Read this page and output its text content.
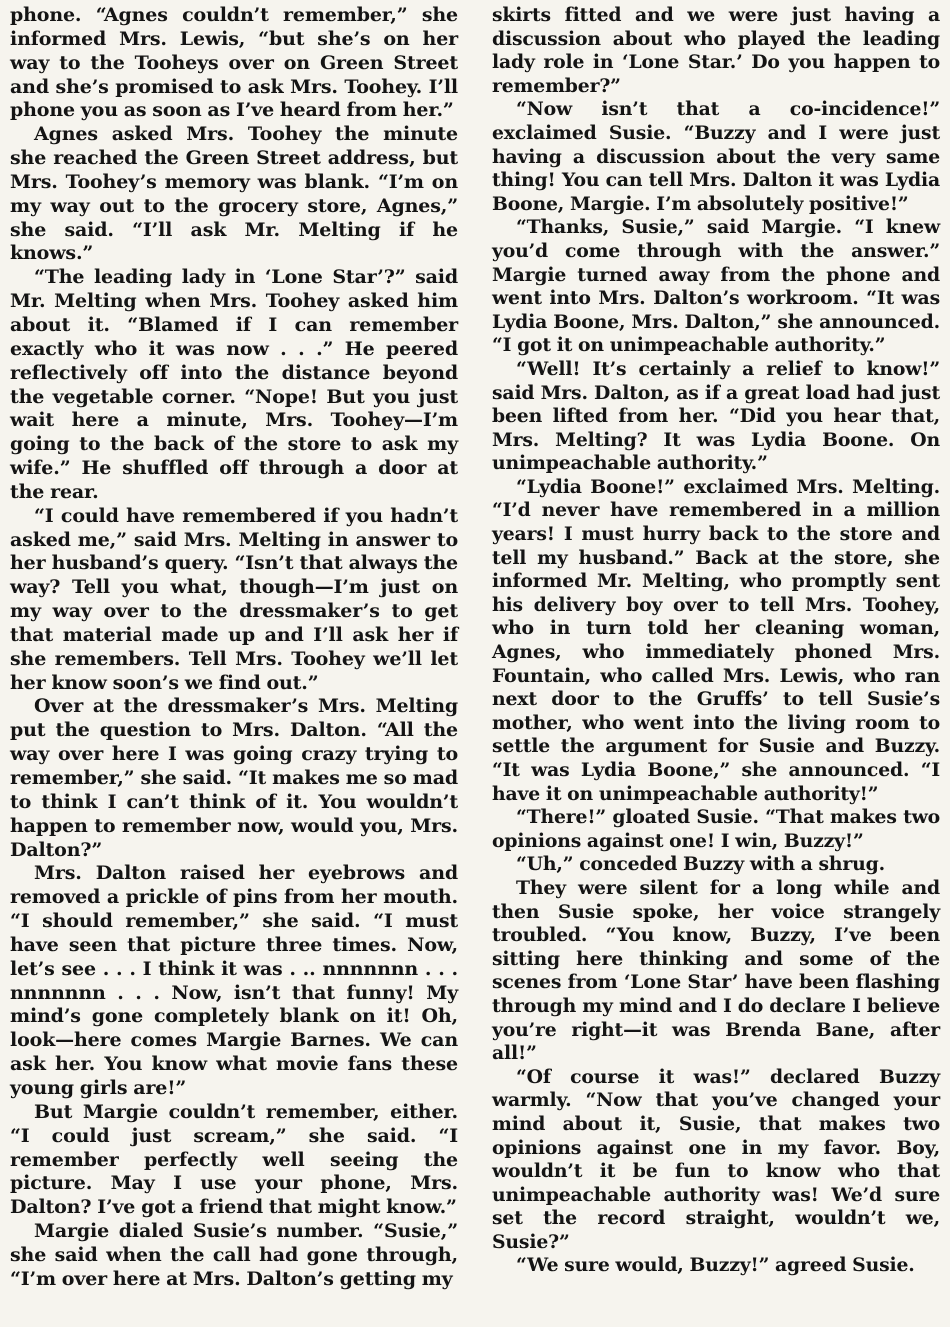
phone. “Agnes couldn’t remember,” she informed Mrs. Lewis, “but she’s on her way to the Tooheys over on Green Street and she’s promised to ask Mrs. Toohey. I’ll phone you as soon as I’ve heard from her.”

Agnes asked Mrs. Toohey the minute she reached the Green Street address, but Mrs. Toohey’s memory was blank. “I’m on my way out to the grocery store, Agnes,” she said. “I’ll ask Mr. Melting if he knows.”

“The leading lady in ‘Lone Star’?” said Mr. Melting when Mrs. Toohey asked him about it. “Blamed if I can remember exactly who it was now . . .” He peered reflectively off into the distance beyond the vegetable corner. “Nope! But you just wait here a minute, Mrs. Toohey—I’m going to the back of the store to ask my wife.” He shuffled off through a door at the rear.

“I could have remembered if you hadn’t asked me,” said Mrs. Melting in answer to her husband’s query. “Isn’t that always the way? Tell you what, though—I’m just on my way over to the dressmaker’s to get that material made up and I’ll ask her if she remembers. Tell Mrs. Toohey we’ll let her know soon’s we find out.”

Over at the dressmaker’s Mrs. Melting put the question to Mrs. Dalton. “All the way over here I was going crazy trying to remember,” she said. “It makes me so mad to think I can’t think of it. You wouldn’t happen to remember now, would you, Mrs. Dalton?”

Mrs. Dalton raised her eyebrows and removed a prickle of pins from her mouth. “I should remember,” she said. “I must have seen that picture three times. Now, let’s see . . . I think it was . .. nnnnnnn . . . nnnnnnn . . . Now, isn’t that funny! My mind’s gone completely blank on it! Oh, look—here comes Margie Barnes. We can ask her. You know what movie fans these young girls are!”

But Margie couldn’t remember, either. “I could just scream,” she said. “I remember perfectly well seeing the picture. May I use your phone, Mrs. Dalton? I’ve got a friend that might know.”

Margie dialed Susie’s number. “Susie,” she said when the call had gone through, “I’m over here at Mrs. Dalton’s getting my

skirts fitted and we were just having a discussion about who played the leading lady role in ‘Lone Star.’ Do you happen to remember?”

“Now isn’t that a co-incidence!” exclaimed Susie. “Buzzy and I were just having a discussion about the very same thing! You can tell Mrs. Dalton it was Lydia Boone, Margie. I’m absolutely positive!”

“Thanks, Susie,” said Margie. “I knew you’d come through with the answer.” Margie turned away from the phone and went into Mrs. Dalton’s workroom. “It was Lydia Boone, Mrs. Dalton,” she announced. “I got it on unimpeachable authority.”

“Well! It’s certainly a relief to know!” said Mrs. Dalton, as if a great load had just been lifted from her. “Did you hear that, Mrs. Melting? It was Lydia Boone. On unimpeachable authority.”

“Lydia Boone!” exclaimed Mrs. Melting. “I’d never have remembered in a million years! I must hurry back to the store and tell my husband.” Back at the store, she informed Mr. Melting, who promptly sent his delivery boy over to tell Mrs. Toohey, who in turn told her cleaning woman, Agnes, who immediately phoned Mrs. Fountain, who called Mrs. Lewis, who ran next door to the Gruffs’ to tell Susie’s mother, who went into the living room to settle the argument for Susie and Buzzy. “It was Lydia Boone,” she announced. “I have it on unimpeachable authority!”

“There!” gloated Susie. “That makes two opinions against one! I win, Buzzy!”

“Uh,” conceded Buzzy with a shrug.

They were silent for a long while and then Susie spoke, her voice strangely troubled. “You know, Buzzy, I’ve been sitting here thinking and some of the scenes from ‘Lone Star’ have been flashing through my mind and I do declare I believe you’re right—it was Brenda Bane, after all!”

“Of course it was!” declared Buzzy warmly. “Now that you’ve changed your mind about it, Susie, that makes two opinions against one in my favor. Boy, wouldn’t it be fun to know who that unimpeachable authority was! We’d sure set the record straight, wouldn’t we, Susie?”

“We sure would, Buzzy!” agreed Susie.
